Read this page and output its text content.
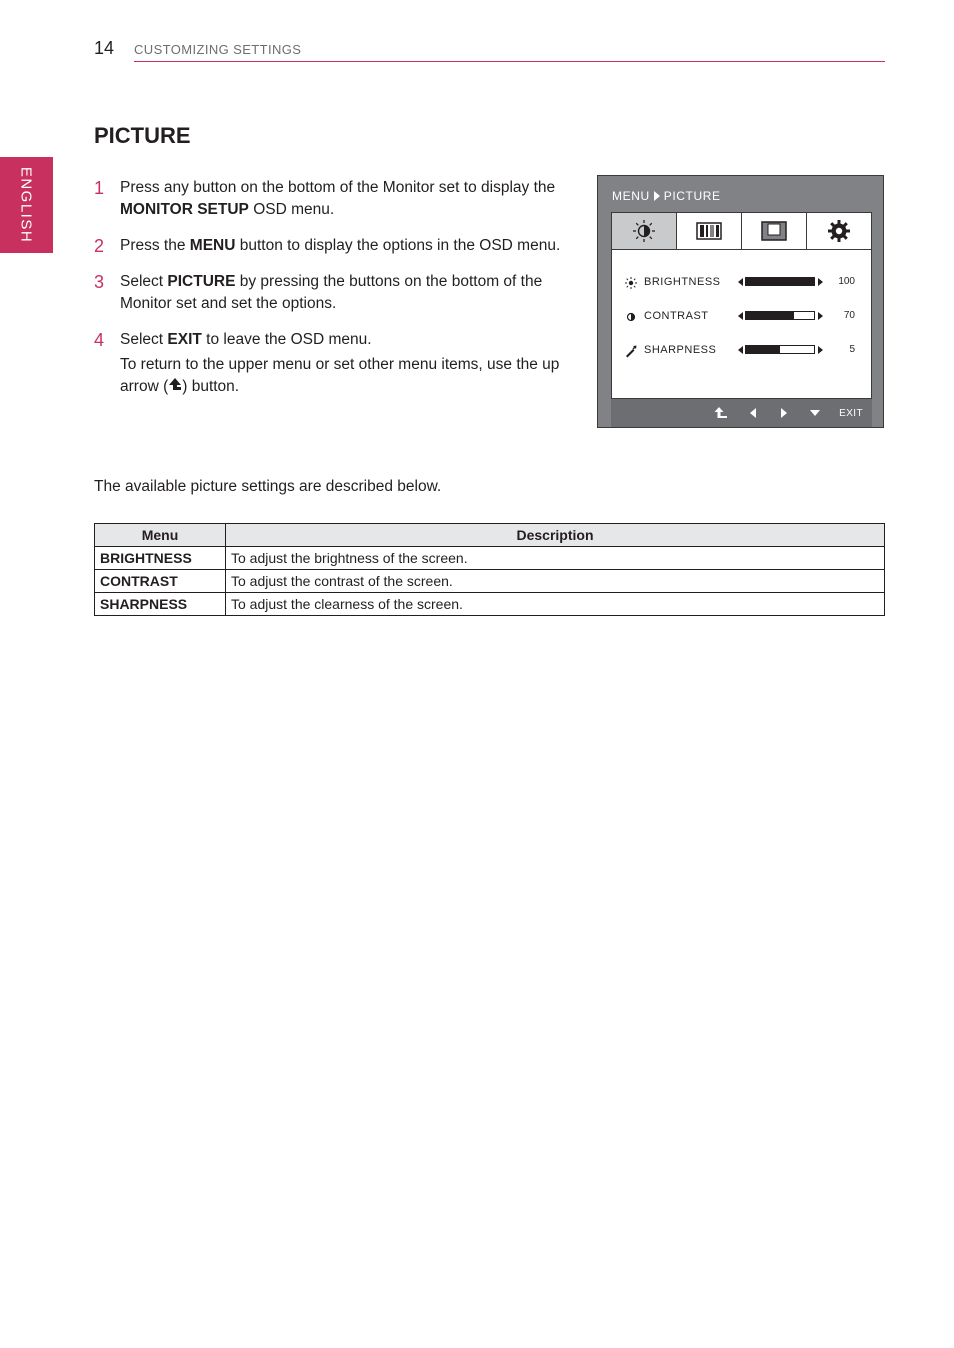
14 CUSTOMIZING SETTINGS
ENGLISH
PICTURE
1 Press any button on the bottom of the Monitor set to display the MONITOR SETUP OSD menu.

2 Press the MENU button to display the options in the OSD menu.

3 Select PICTURE by pressing the buttons on the bottom of the Monitor set and set the options.

4 Select EXIT to leave the OSD menu.

To return to the upper menu or set other menu items, use the up arrow ( ) button.

MENU PICTURE
BRIGHTNESS	100
CONTRAST	70
SHARPNESS	5
EXIT

The available picture settings are described below.

Menu	Description
BRIGHTNESS	To adjust the brightness of the screen.
CONTRAST	To adjust the contrast of the screen.
SHARPNESS	To adjust the clearness of the screen.
